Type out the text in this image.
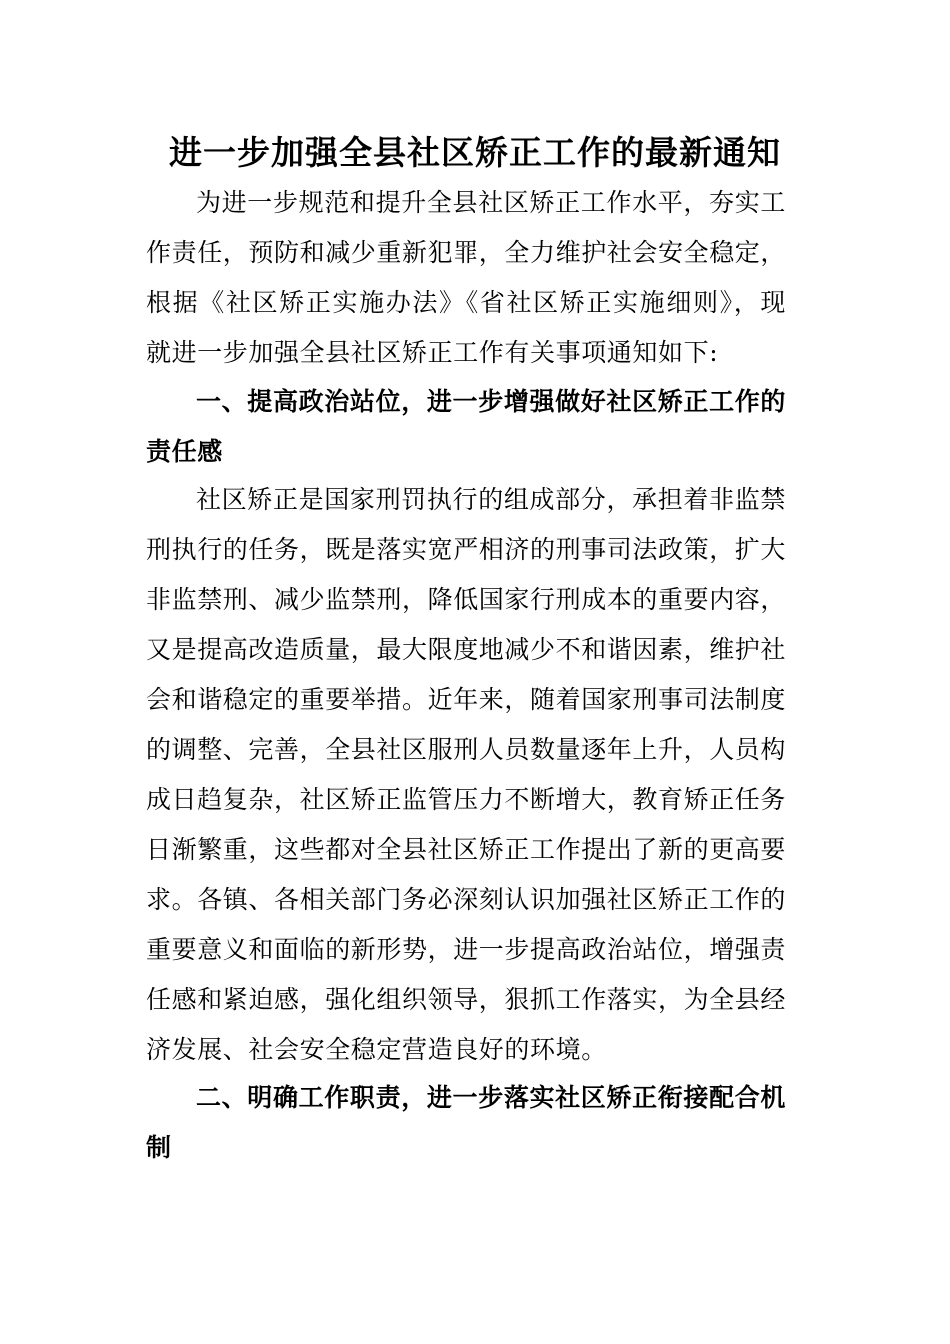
进一步加强全县社区矫正工作的最新通知

为进一步规范和提升全县社区矫正工作水平，夯实工作责任，预防和减少重新犯罪，全力维护社会安全稳定，根据《社区矫正实施办法》《省社区矫正实施细则》，现就进一步加强全县社区矫正工作有关事项通知如下:

一、提高政治站位，进一步增强做好社区矫正工作的责任感

社区矫正是国家刑罚执行的组成部分，承担着非监禁刑执行的任务，既是落实宽严相济的刑事司法政策，扩大非监禁刑、减少监禁刑，降低国家行刑成本的重要内容，又是提高改造质量，最大限度地减少不和谐因素，维护社会和谐稳定的重要举措。近年来，随着国家刑事司法制度的调整、完善，全县社区服刑人员数量逐年上升，人员构成日趋复杂，社区矫正监管压力不断增大，教育矫正任务日渐繁重，这些都对全县社区矫正工作提出了新的更高要求。各镇、各相关部门务必深刻认识加强社区矫正工作的重要意义和面临的新形势，进一步提高政治站位，增强责任感和紧迫感，强化组织领导，狠抓工作落实，为全县经济发展、社会安全稳定营造良好的环境。

二、明确工作职责，进一步落实社区矫正衔接配合机制
